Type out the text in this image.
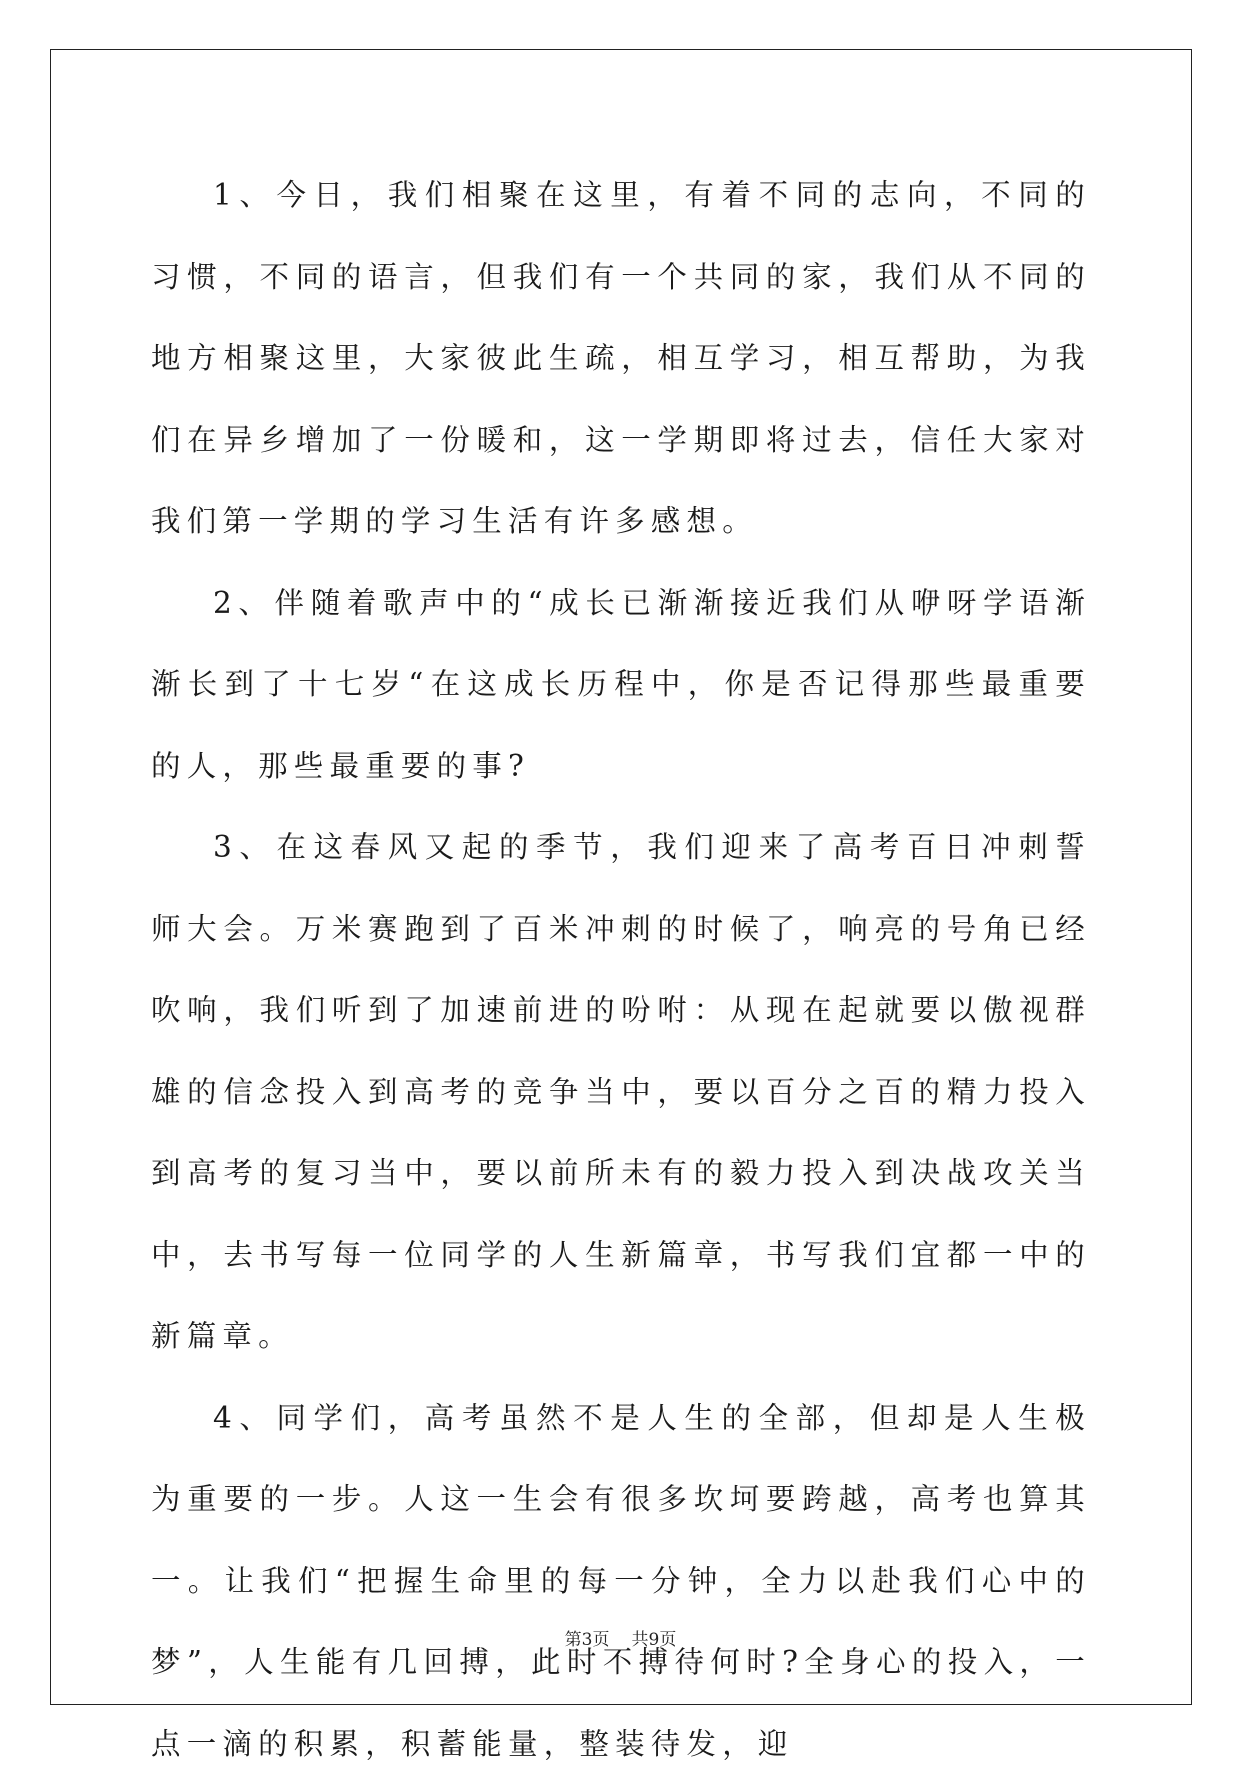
1、今日，我们相聚在这里，有着不同的志向，不同的习惯，不同的语言，但我们有一个共同的家，我们从不同的地方相聚这里，大家彼此生疏，相互学习，相互帮助，为我们在异乡增加了一份暖和，这一学期即将过去，信任大家对我们第一学期的学习生活有许多感想。

2、伴随着歌声中的“成长已渐渐接近我们从咿呀学语渐渐长到了十七岁“在这成长历程中，你是否记得那些最重要的人，那些最重要的事?

3、在这春风又起的季节，我们迎来了高考百日冲刺誓师大会。万米赛跑到了百米冲刺的时候了，响亮的号角已经吹响，我们听到了加速前进的吩咐：从现在起就要以傲视群雄的信念投入到高考的竞争当中，要以百分之百的精力投入到高考的复习当中，要以前所未有的毅力投入到决战攻关当中，去书写每一位同学的人生新篇章，书写我们宜都一中的新篇章。

4、同学们，高考虽然不是人生的全部，但却是人生极为重要的一步。人这一生会有很多坎坷要跨越，高考也算其一。让我们“把握生命里的每一分钟，全力以赴我们心中的梦”，人生能有几回搏，此时不搏待何时?全身心的投入，一点一滴的积累，积蓄能量，整装待发，迎

第3页 共9页
